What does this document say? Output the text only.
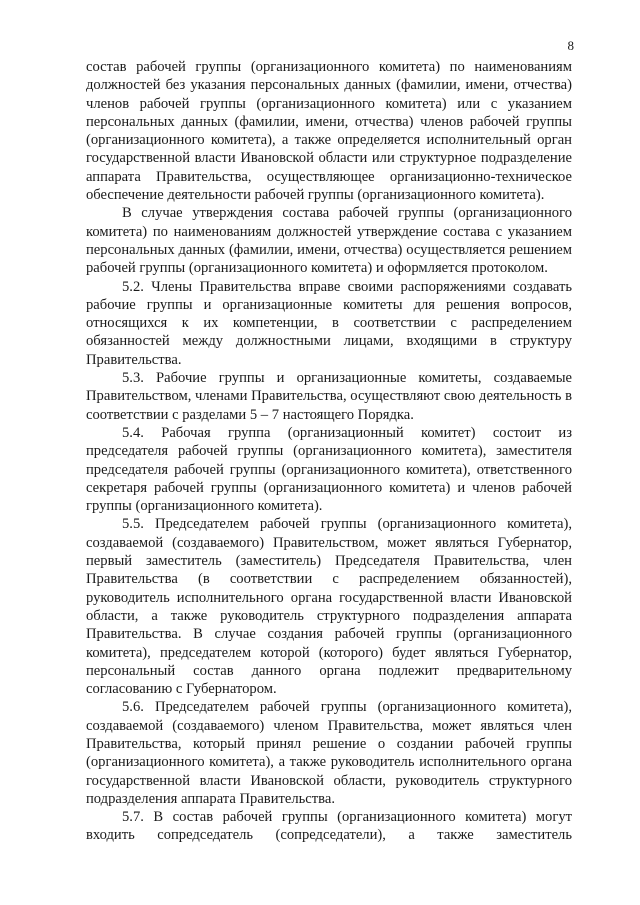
8

состав рабочей группы (организационного комитета) по наименованиям должностей без указания персональных данных (фамилии, имени, отчества) членов рабочей группы (организационного комитета) или с указанием персональных данных (фамилии, имени, отчества) членов рабочей группы (организационного комитета), а также определяется исполнительный орган государственной власти Ивановской области или структурное подразделение аппарата Правительства, осуществляющее организационно-техническое обеспечение деятельности рабочей группы (организационного комитета).

В случае утверждения состава рабочей группы (организационного комитета) по наименованиям должностей утверждение состава с указанием персональных данных (фамилии, имени, отчества) осуществляется решением рабочей группы (организационного комитета) и оформляется протоколом.

5.2. Члены Правительства вправе своими распоряжениями создавать рабочие группы и организационные комитеты для решения вопросов, относящихся к их компетенции, в соответствии с распределением обязанностей между должностными лицами, входящими в структуру Правительства.

5.3. Рабочие группы и организационные комитеты, создаваемые Правительством, членами Правительства, осуществляют свою деятельность в соответствии с разделами 5 – 7 настоящего Порядка.

5.4. Рабочая группа (организационный комитет) состоит из председателя рабочей группы (организационного комитета), заместителя председателя рабочей группы (организационного комитета), ответственного секретаря рабочей группы (организационного комитета) и членов рабочей группы (организационного комитета).

5.5. Председателем рабочей группы (организационного комитета), создаваемой (создаваемого) Правительством, может являться Губернатор, первый заместитель (заместитель) Председателя Правительства, член Правительства (в соответствии с распределением обязанностей), руководитель исполнительного органа государственной власти Ивановской области, а также руководитель структурного подразделения аппарата Правительства. В случае создания рабочей группы (организационного комитета), председателем которой (которого) будет являться Губернатор, персональный состав данного органа подлежит предварительному согласованию с Губернатором.

5.6. Председателем рабочей группы (организационного комитета), создаваемой (создаваемого) членом Правительства, может являться член Правительства, который принял решение о создании рабочей группы (организационного комитета), а также руководитель исполнительного органа государственной власти Ивановской области, руководитель структурного подразделения аппарата Правительства.

5.7. В состав рабочей группы (организационного комитета) могут входить сопредседатель (сопредседатели), а также заместитель
